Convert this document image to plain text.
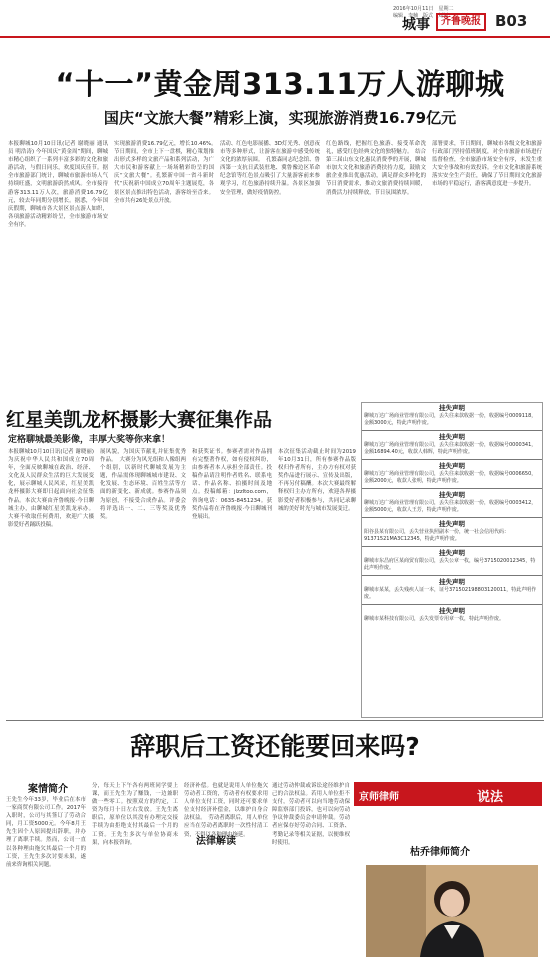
2016年10月11日　星期二
编辑　李楠　版式　刘钊
城事	齐鲁晚报 B03
“十一”黄金周313.11万人游聊城
国庆“文旅大餐”精彩上演，实现旅游消费16.79亿元
本报聊城10月10日讯(记者 谢晓丽 通讯员 明浩涛) 今年国庆“黄金周”期间，聊城市精心组织了一系列丰富多彩的文化和旅游活动，与假日同乐，欢度国庆佳节。据全市旅游部门统计，聊城市旅游市场人气持续旺盛，文明旅游蔚然成风。全市接待游客313.11万人次，旅游消费16.79亿元，较去年同期分别增长。据悉，今年国庆假期，聊城市各大景区景点游人如织，各项旅游活动精彩纷呈，全市旅游市场安全有序。
实现旅游消费16.79亿元，增长10.46%。　节日期间，全市上下一盘棋，精心策划推出形式多样的文旅产品和系列活动，为广大市民和游客献上一场场精彩纷呈的国庆“文旅大餐”。孔繁新中国一省斗新时代“庆祝新中国成立70周年主题展览，各景区景点推出特色活动，游客纷至沓来。全市共有26处景点开放。
活动、红色电影展播、3D灯光秀、创意夜市等多种形式，让游客在旅游中感受传统文化的浓厚氛围。　孔繁森同志纪念馆、鲁西第一支抗日武装驻地、冀鲁豫边区革命纪念馆等红色景点吸引了大量游客前来参观学习，红色旅游持续升温。各景区加强安全管理，做好疫情防控。
红色路线，把握红色旅游、接受革命洗礼，感受红色经典文化的独特魅力。　结合第三届山东文化惠民消费季的开展，聊城市加大文化和旅游消费扶持力度，鼓励文旅企业推出优惠活动，满足群众多样化的节日消费需求，推动文旅消费持续回暖，消费活力持续释放，节日氛围浓厚。
部署要求，节日期间，聊城市各级文化和旅游行政部门坚持值班制度，对全市旅游市场进行监督检查，全市旅游市场安全有序，未发生重大安全事故和有效投诉。全市文化和旅游系统落实安全生产责任，确保了节日期间文化旅游市场的平稳运行，游客满意度进一步提升。
红星美凯龙杯摄影大赛征集作品
定格聊城最美影像，丰厚大奖等你来拿！
本报聊城10月10日讯(记者 谢晓丽) 为庆祝中华人民共和国成立70周年，全面反映聊城在政治、经济、文化及人民群众生活的巨大发展变化，展示聊城人民风采，红星美凯龙杯摄影大赛即日起面向社会征集作品。本次大赛由齐鲁晚报·今日聊城主办，由聊城红星美凯龙承办。大赛不收取任何费用，欢迎广大摄影爱好者踊跃投稿。
展风貌，为国庆节献礼并征集优秀作品。　大赛分为风光组和人像组两个组别，以新时代聊城发展为主题，作品需体现聊城城市建设、文化发展、生态环境、百姓生活等方面的新变化、新成就。参赛作品须为原创，不接受合成作品。评委会将评选出一、二、三等奖及优秀奖。
和获奖证书。参赛者需对作品拥有完整著作权，如有侵权纠纷，由参赛者本人承担全部责任。投稿作品请注明作者姓名、联系电话、作品名称、拍摄时间及地点。投稿邮箱：jlzzltoo.com，咨询电话：0635-8451234。获奖作品将在齐鲁晚报·今日聊城刊登展出。
本次征集活动截止时间为2019年10月31日，所有参赛作品版权归作者所有，主办方有权对获奖作品进行展示、宣传及出版，不再另付稿酬。本次大赛最终解释权归主办方所有，欢迎各界摄影爱好者积极参与，共同记录聊城的美好时光与城市发展变迁。
挂失声明
聊城万达广场商业管理有限公司，丢失往来款收据一份，收据编号0009118，金额3000元，特此声明作废。
挂失声明
聊城万达广场商业管理有限公司，丢失往来款收据一份，收据编号0000341，金额16894.40元，收款人韩辉，特此声明作废。
挂失声明
聊城万达广场商业管理有限公司，丢失往来款收据一份，收据编号0006650，金额2000元，收款人张明，特此声明作废。
挂失声明
聊城万达广场商业管理有限公司，丢失往来款收据一份，收据编号0003412，金额5000元，收款人王芳，特此声明作废。
挂失声明
阳谷县某有限公司，丢失营业执照副本一份，统一社会信用代码：91371521MA3C12345，特此声明作废。
挂失声明
聊城市东昌府区某商贸有限公司，丢失公章一枚，编号3715020012345，特此声明作废。
挂失声明
聊城市某某，丢失残疾人证一本，证号371502198803120011，特此声明作废。
挂失声明
聊城市某科技有限公司，丢失发票专用章一枚，特此声明作废。
辞职后工资还能要回来吗?
案情简介
王先生今年33岁，毕业后在本市一家商贸有限公司工作。2017年入职时，公司与其签订了劳动合同，月工资5000元。今年8月王先生因个人原因提出辞职，并办理了离职手续。然而，公司一直以各种理由拖欠其最后一个月的工资，王先生多次讨要未果，遂前来咨询相关问题。
分，每天上下午各有两班同学要上课，而王先生为了赚钱，一边兼职做一些零工。按照双方的约定，工资为每月十日左右发放。王先生离职后，原单位以其没有办理完交接手续为由拒绝支付其最后一个月的工资。王先生多次与单位协商未果，向本报咨询。	法律解读
经济补偿。也就是说用人单位拖欠劳动者工资的，劳动者有权要求用人单位支付工资，同时还可要求单位支付经济补偿金，以维护自身合法权益。　劳动者离职后，用人单位应当在劳动者离职时一次性付清工资，不得以各种理由拖延。
通过劳动仲裁或诉讼途径维护自己的合法权益。若用人单位拒不支付，劳动者可以向当地劳动保障监察部门投诉，也可以向劳动争议仲裁委员会申请仲裁。劳动者应保存好劳动合同、工资条、考勤记录等相关证据，以便维权时使用。
京师律师	说法
枯乔律师简介
